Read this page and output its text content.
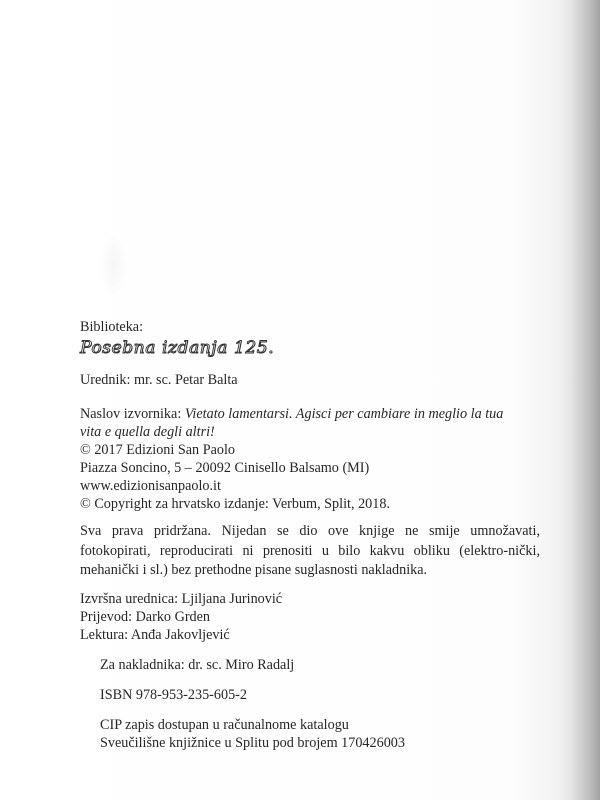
Biblioteka:
Posebna izdanja 125.
Urednik: mr. sc. Petar Balta
Naslov izvornika: Vietato lamentarsi. Agisci per cambiare in meglio la tua
vita e quella degli altri!
© 2017 Edizioni San Paolo
Piazza Soncino, 5 – 20092 Cinisello Balsamo (MI)
www.edizionisanpaolo.it
© Copyright za hrvatsko izdanje: Verbum, Split, 2018.
Sva prava pridržana. Nijedan se dio ove knjige ne smije umnožavati, fotokopirati, reproducirati ni prenositi u bilo kakvu obliku (elektro-nički, mehanički i sl.) bez prethodne pisane suglasnosti nakladnika.
Izvršna urednica: Ljiljana Jurinović
Prijevod: Darko Grden
Lektura: Anđa Jakovljević
Za nakladnika: dr. sc. Miro Radalj
ISBN 978-953-235-605-2
CIP zapis dostupan u računalnome katalogu
Sveučilišne knjižnice u Splitu pod brojem 170426003
